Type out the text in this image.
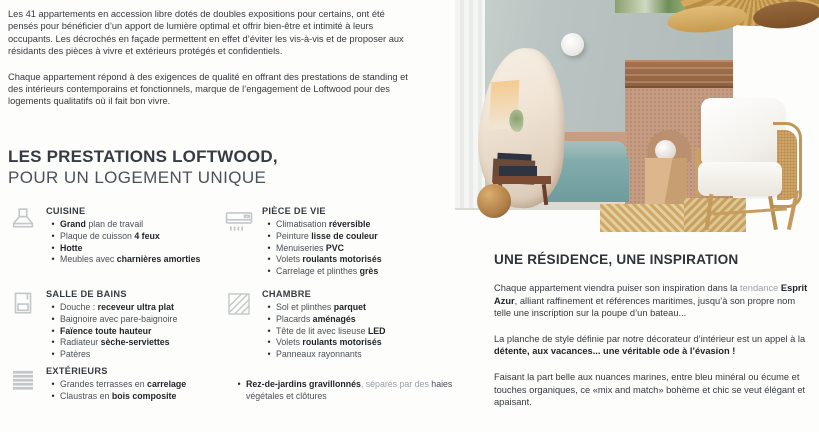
Les 41 appartements en accession libre dotés de doubles expositions pour certains, ont été pensés pour bénéficier d’un apport de lumière optimal et offrir bien-être et intimité à leurs occupants. Les décrochés en façade permettent en effet d’éviter les vis-à-vis et de proposer aux résidants des pièces à vivre et extérieurs protégés et confidentiels.

Chaque appartement répond à des exigences de qualité en offrant des prestations de standing et des intérieurs contemporains et fonctionnels, marque de l’engagement de Loftwood pour des logements qualitatifs où il fait bon vivre.

LES PRESTATIONS LOFTWOOD,
POUR UN LOGEMENT UNIQUE
CUISINE
• Grand plan de travail
• Plaque de cuisson 4 feux
• Hotte
• Meubles avec charnières amorties
PIÈCE DE VIE
• Climatisation réversible
• Peinture lisse de couleur
• Menuiseries PVC
• Volets roulants motorisés
• Carrelage et plinthes grès
SALLE DE BAINS
• Douche : receveur ultra plat
• Baignoire avec pare-baignoire
• Faïence toute hauteur
• Radiateur sèche-serviettes
• Patères
CHAMBRE
• Sol et plinthes parquet
• Placards aménagés
• Tête de lit avec liseuse LED
• Volets roulants motorisés
• Panneaux rayonnants
EXTÉRIEURS
• Grandes terrasses en carrelage
• Claustras en bois composite
• Rez-de-jardins gravillonnés, séparés par des haies végétales et clôtures
UNE RÉSIDENCE, UNE INSPIRATION

Chaque appartement viendra puiser son inspiration dans la tendance Esprit Azur, alliant raffinement et références maritimes, jusqu’à son propre nom telle une inscription sur la poupe d’un bateau...

La planche de style définie par notre décorateur d’intérieur est un appel à la détente, aux vacances... une véritable ode à l’évasion !

Faisant la part belle aux nuances marines, entre bleu minéral ou écume et touches organiques, ce «mix and match» bohème et chic se veut élégant et apaisant.
